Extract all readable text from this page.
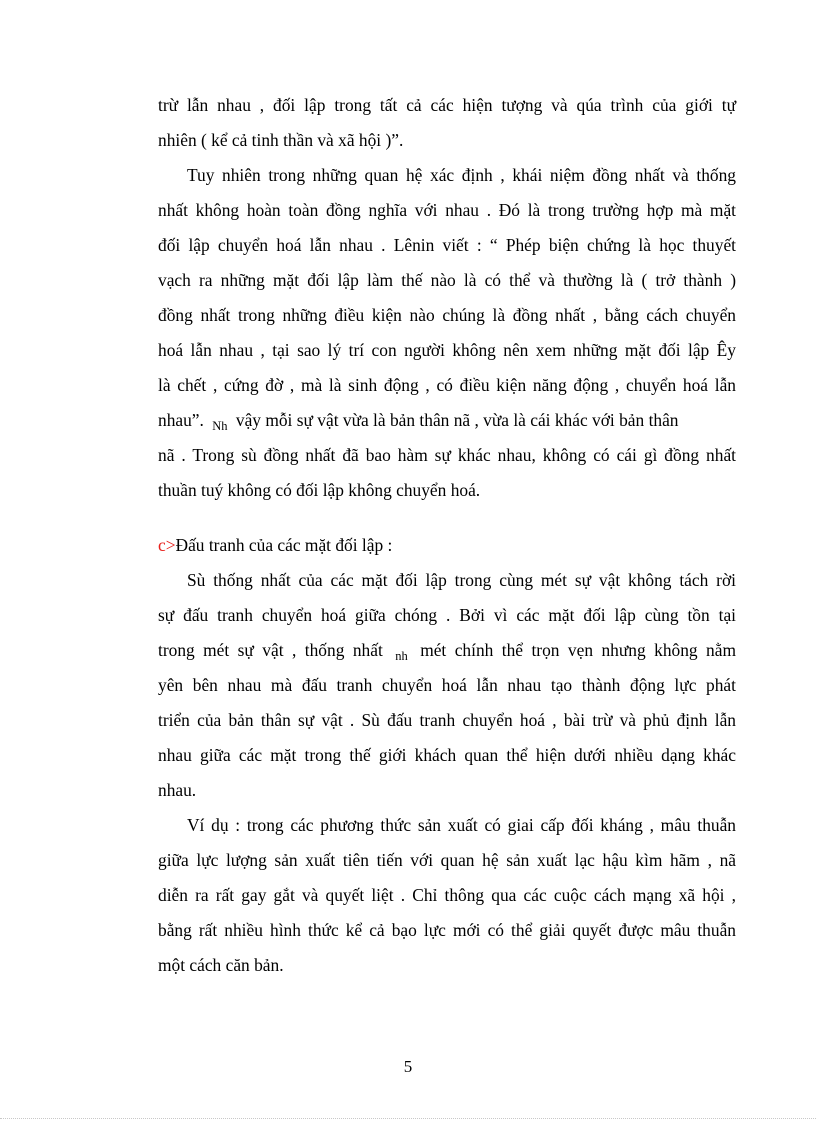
trừ lẫn nhau , đối lập trong tất cả các hiện tượng và qúa trình của giới tự
nhiên ( kể cả tinh thần và xã hội )”.
Tuy nhiên trong những quan hệ xác định , khái niệm đồng nhất và thống
nhất không hoàn toàn đồng nghĩa với nhau . Đó là trong trường hợp mà mặt
đối lập chuyển hoá lẫn nhau . Lênin viết : “ Phép biện chứng là học thuyết
vạch ra những mặt đối lập làm thế nào là có thể và thường là ( trở thành )
đồng nhất trong những điều kiện nào chúng là đồng nhất , bằng cách chuyển
hoá lẫn nhau , tại sao lý trí con người không nên xem những mặt đối lập Êy
là chết , cứng đờ , mà là sinh động , có điều kiện năng động , chuyển hoá lẫn
nhau”. $_{Nh}$ vậy mỗi sự vật vừa là bản thân nã , vừa là cái khác với bản thân
nã . Trong sù đồng nhất đã bao hàm sự khác nhau, không có cái gì đồng nhất
thuần tuý không có đối lập không chuyển hoá.
c>Đấu tranh của các mặt đối lập :
Sù thống nhất của các mặt đối lập trong cùng mét sự vật không tách rời
sự đấu tranh chuyển hoá giữa chóng . Bởi vì các mặt đối lập cùng tồn tại
trong mét sự vật , thống nhất $_{nh}$ mét chính thể trọn vẹn nhưng không nằm
yên bên nhau mà đấu tranh chuyển hoá lẫn nhau tạo thành động lực phát
triển của bản thân sự vật . Sù đấu tranh chuyển hoá , bài trừ và phủ định lẫn
nhau giữa các mặt trong thế giới khách quan thể hiện dưới nhiều dạng khác
nhau.
Ví dụ : trong các phương thức sản xuất có giai cấp đối kháng , mâu thuẫn
giữa lực lượng sản xuất tiên tiến với quan hệ sản xuất lạc hậu kìm hãm , nã
diễn ra rất gay gắt và quyết liệt . Chỉ thông qua các cuộc cách mạng xã hội ,
bằng rất nhiều hình thức kể cả bạo lực mới có thể giải quyết được mâu thuẫn
một cách căn bản.
5
